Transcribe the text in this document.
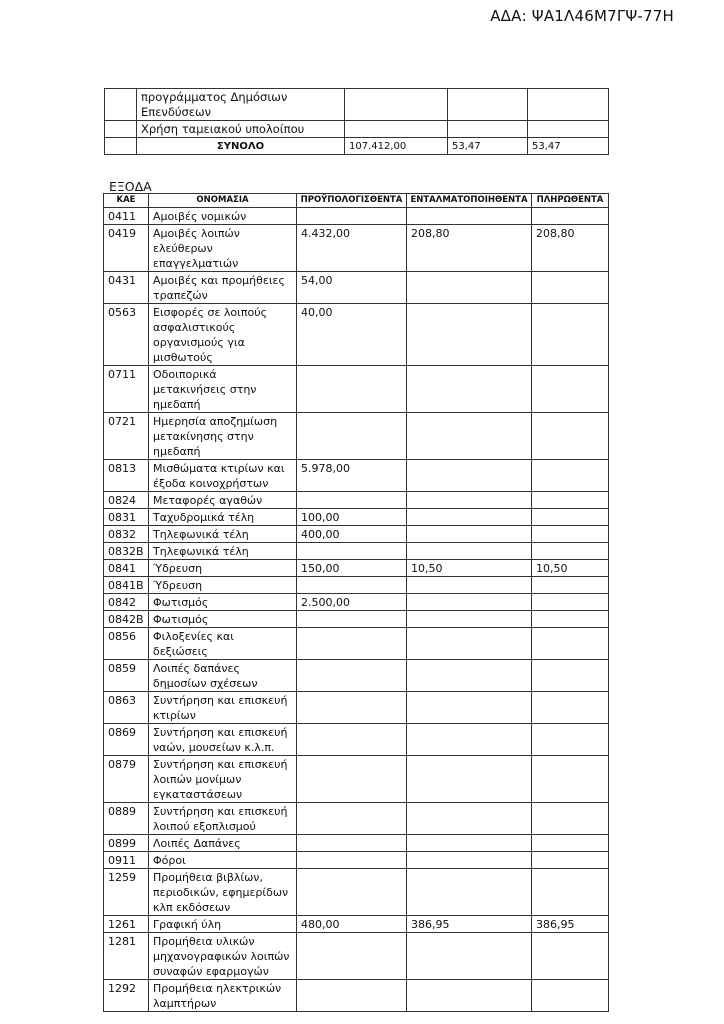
ΑΔΑ: ΨΑ1Λ46Μ7ΓΨ-77Η
	προγράμματος Δημόσιων Επενδύσεων			
	Χρήση ταμειακού υπολοίπου			
	ΣΥΝΟΛΟ	107.412,00	53,47	53,47
ΕΞΟΔΑ
ΚΑΕ	ΟΝΟΜΑΣΙΑ	ΠΡΟΫΠΟΛΟΓΙΣΘΕΝΤΑ	ΕΝΤΑΛΜΑΤΟΠΟΙΗΘΕΝΤΑ	ΠΛΗΡΩΘΕΝΤΑ
0411	Αμοιβές νομικών			
0419	Αμοιβές λοιπών ελεύθερων επαγγελματιών	4.432,00	208,80	208,80
0431	Αμοιβές και προμήθειες τραπεζών	54,00		
0563	Εισφορές σε λοιπούς ασφαλιστικούς οργανισμούς για μισθωτούς	40,00		
0711	Οδοιπορικά μετακινήσεις στην ημεδαπή			
0721	Ημερησία αποζημίωση μετακίνησης στην ημεδαπή			
0813	Μισθώματα κτιρίων και έξοδα κοινοχρήστων	5.978,00		
0824	Μεταφορές αγαθών			
0831	Ταχυδρομικά τέλη	100,00		
0832	Τηλεφωνικά τέλη	400,00		
0832Β	Τηλεφωνικά τέλη			
0841	Ύδρευση	150,00	10,50	10,50
0841Β	Ύδρευση			
0842	Φωτισμός	2.500,00		
0842Β	Φωτισμός			
0856	Φιλοξενίες και δεξιώσεις			
0859	Λοιπές δαπάνες δημοσίων σχέσεων			
0863	Συντήρηση και επισκευή κτιρίων			
0869	Συντήρηση και επισκευή ναών, μουσείων κ.λ.π.			
0879	Συντήρηση και επισκευή λοιπών μονίμων εγκαταστάσεων			
0889	Συντήρηση και επισκευή λοιπού εξοπλισμού			
0899	Λοιπές Δαπάνες			
0911	Φόροι			
1259	Προμήθεια βιβλίων, περιοδικών, εφημερίδων κλπ εκδόσεων			
1261	Γραφική ύλη	480,00	386,95	386,95
1281	Προμήθεια υλικών μηχανογραφικών λοιπών συναφών εφαρμογών			
1292	Προμήθεια ηλεκτρικών λαμπτήρων			
